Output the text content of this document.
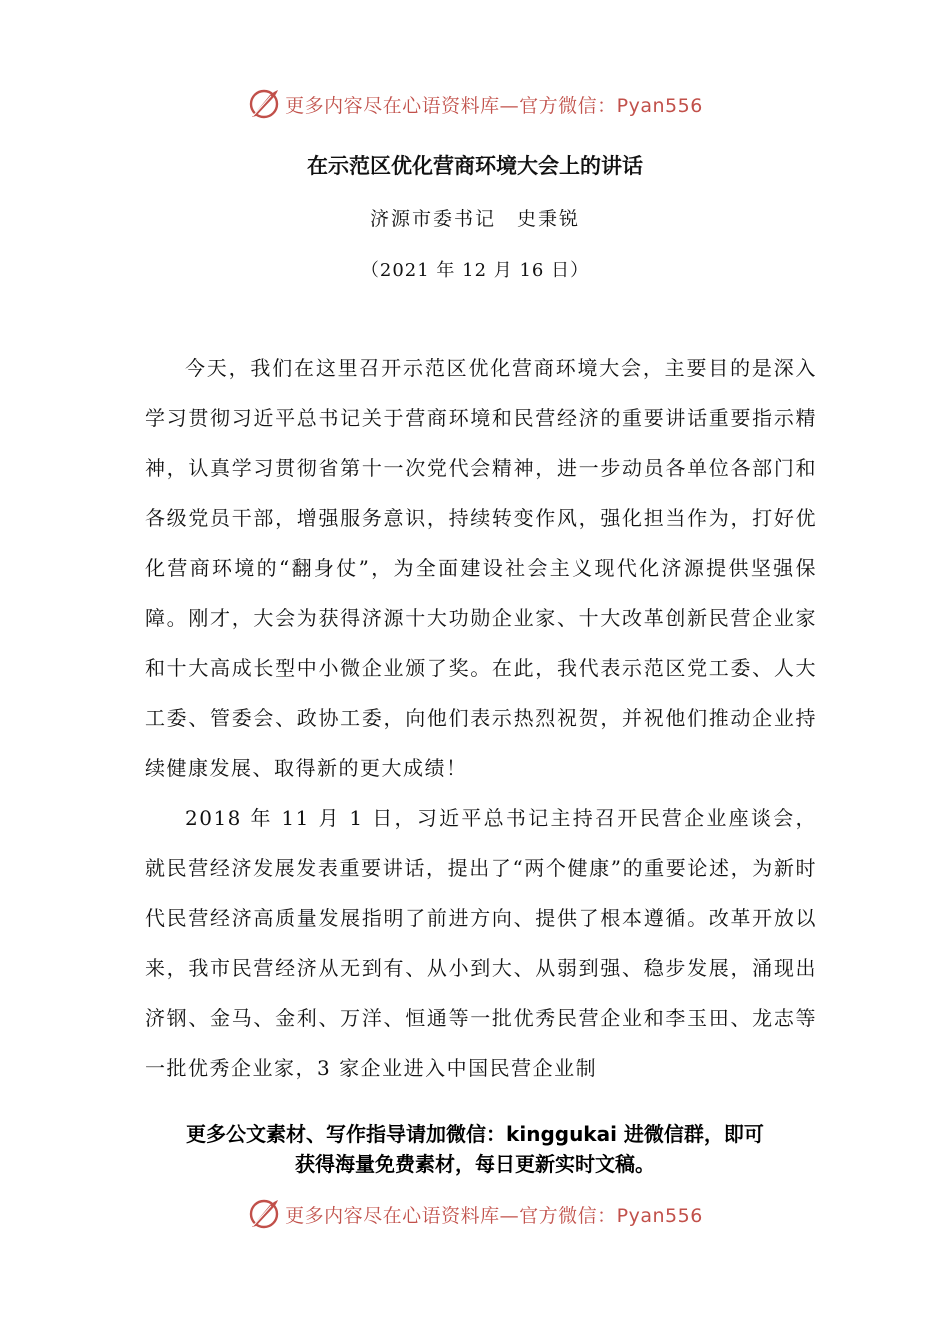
更多内容尽在心语资料库—官方微信：Pyan556
在示范区优化营商环境大会上的讲话
济源市委书记　史秉锐
（2021 年 12 月 16 日）

今天，我们在这里召开示范区优化营商环境大会，主要目的是深入学习贯彻习近平总书记关于营商环境和民营经济的重要讲话重要指示精神，认真学习贯彻省第十一次党代会精神，进一步动员各单位各部门和各级党员干部，增强服务意识，持续转变作风，强化担当作为，打好优化营商环境的“翻身仗”，为全面建设社会主义现代化济源提供坚强保障。刚才，大会为获得济源十大功勋企业家、十大改革创新民营企业家和十大高成长型中小微企业颁了奖。在此，我代表示范区党工委、人大工委、管委会、政协工委，向他们表示热烈祝贺，并祝他们推动企业持续健康发展、取得新的更大成绩！

2018 年 11 月 1 日，习近平总书记主持召开民营企业座谈会，就民营经济发展发表重要讲话，提出了“两个健康”的重要论述，为新时代民营经济高质量发展指明了前进方向、提供了根本遵循。改革开放以来，我市民营经济从无到有、从小到大、从弱到强、稳步发展，涌现出济钢、金马、金利、万洋、恒通等一批优秀民营企业和李玉田、龙志等一批优秀企业家，3 家企业进入中国民营企业制

更多公文素材、写作指导请加微信：kinggukai 进微信群，即可
获得海量免费素材，每日更新实时文稿。
更多内容尽在心语资料库—官方微信：Pyan556
